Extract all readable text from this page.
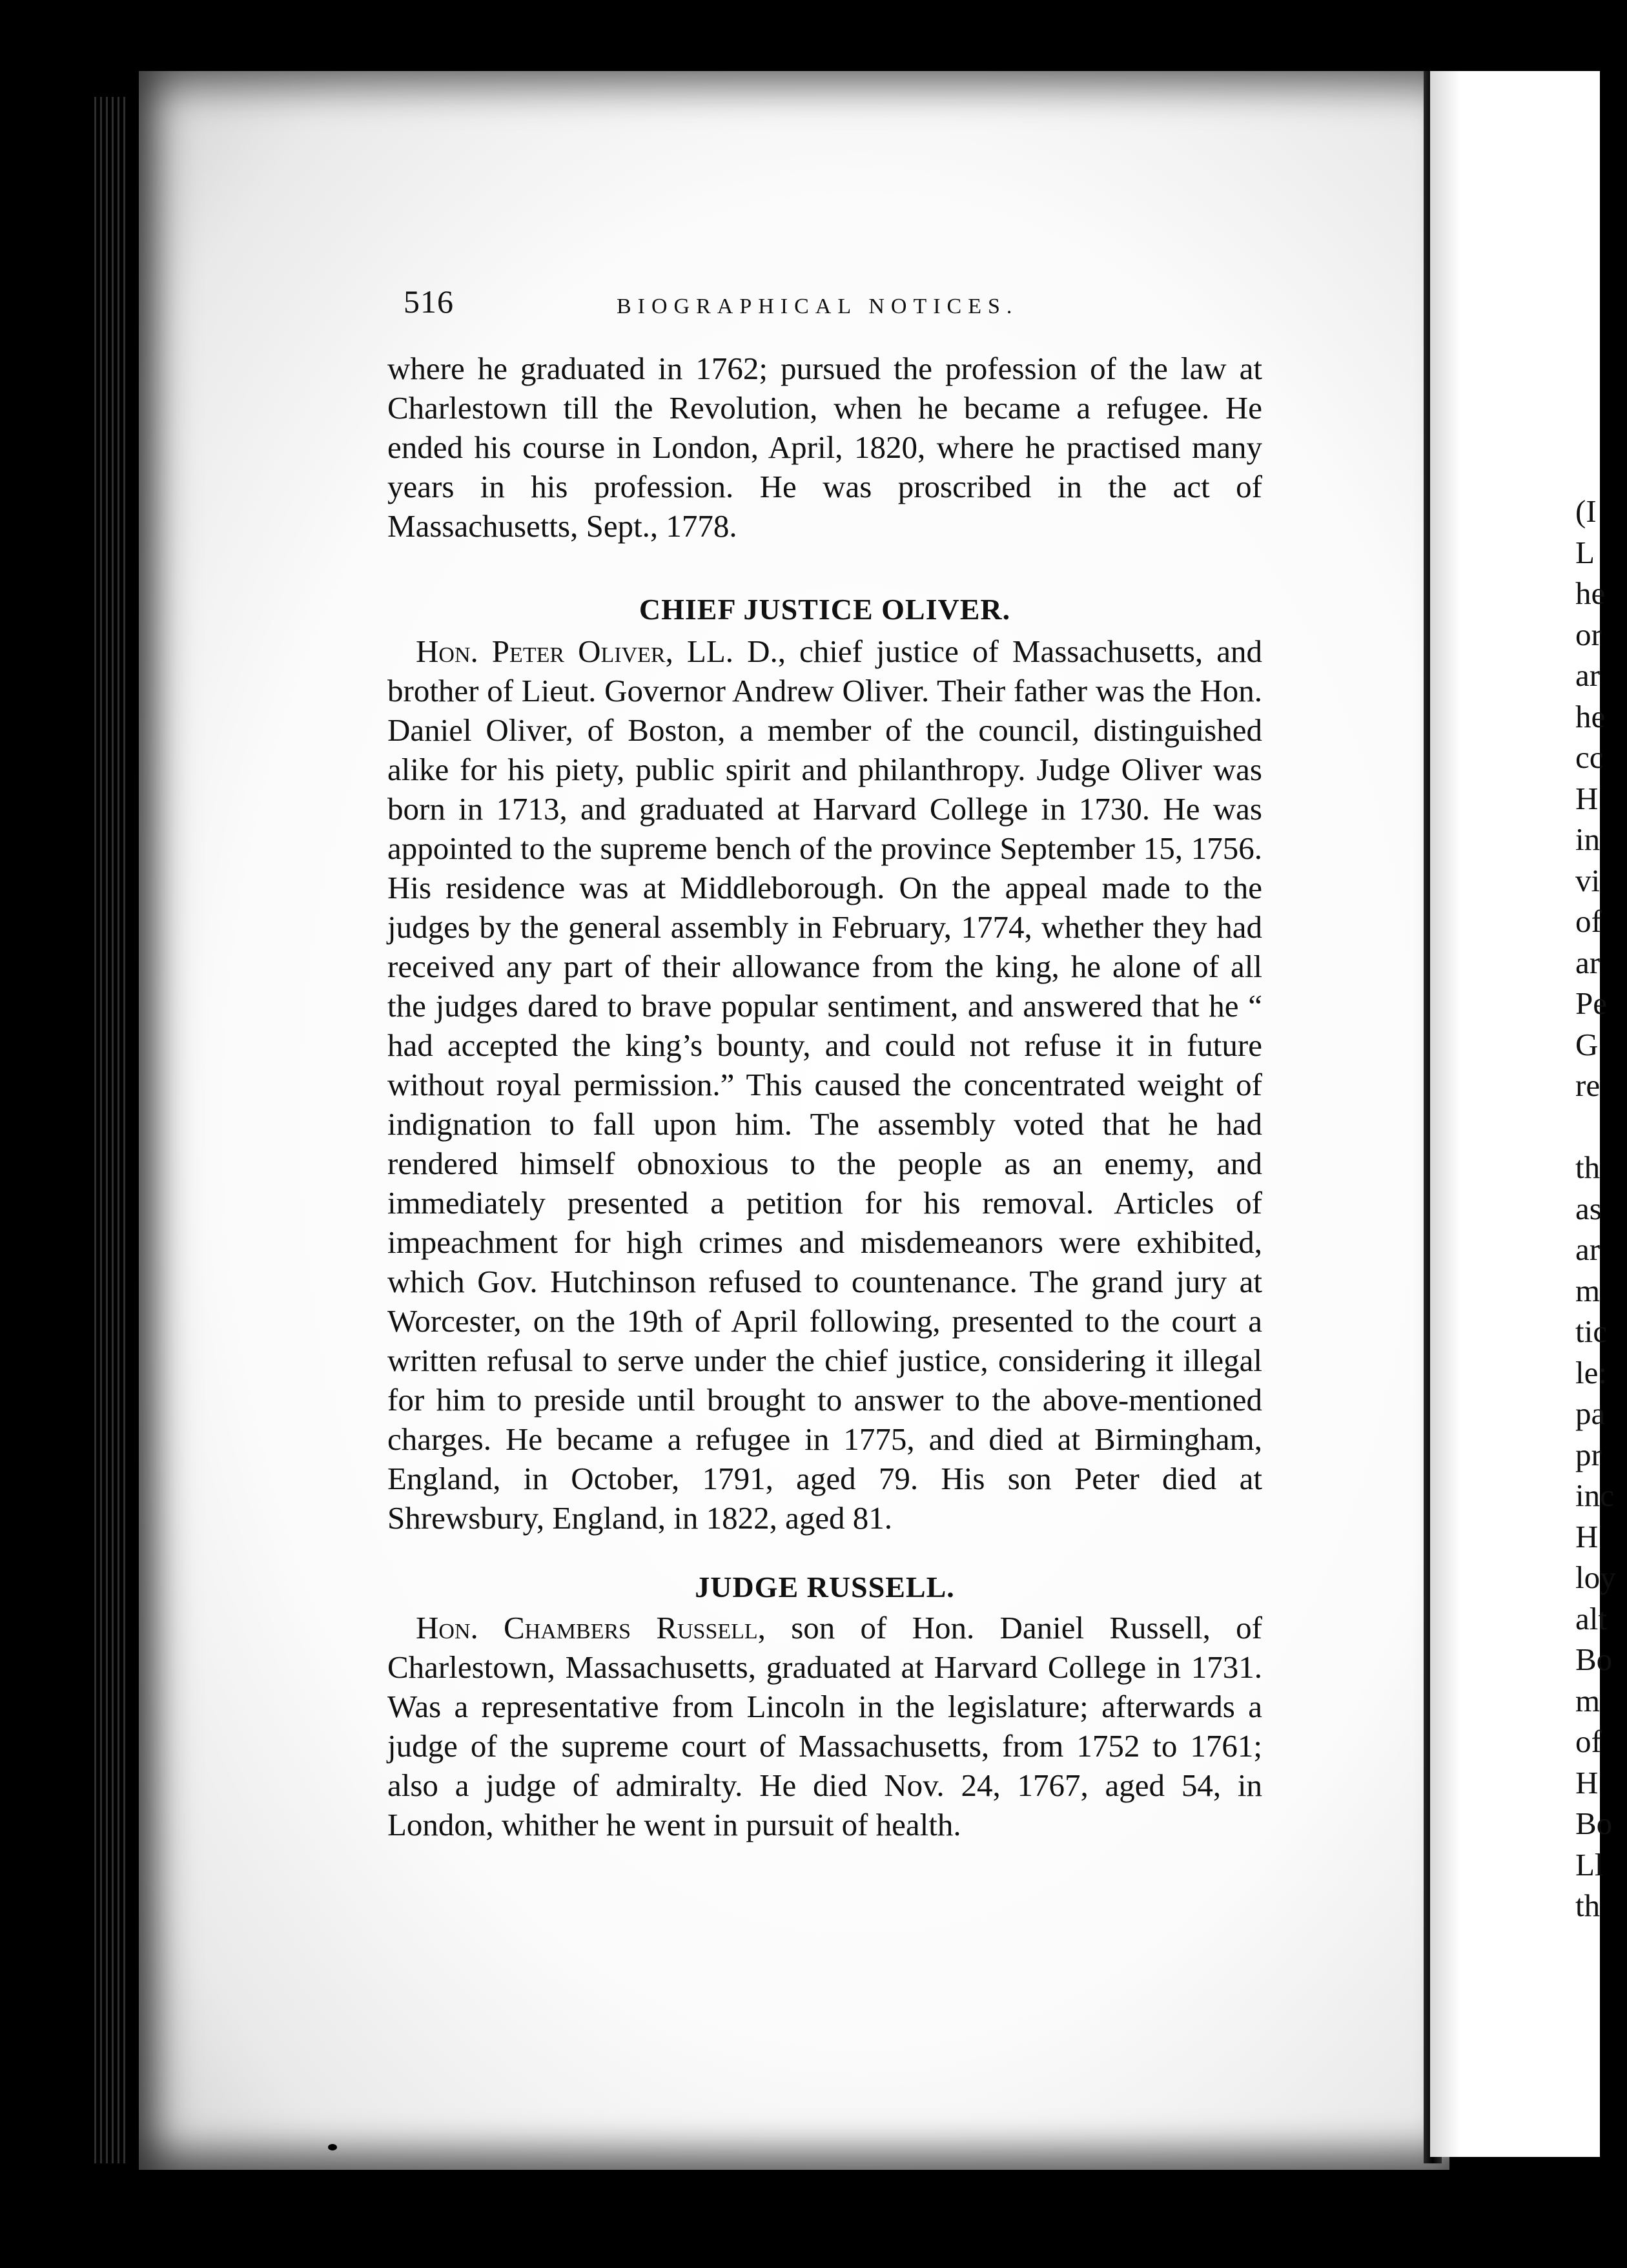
516	BIOGRAPHICAL NOTICES.

where he graduated in 1762; pursued the profession of the law at Charlestown till the Revolution, when he became a refugee. He ended his course in London, April, 1820, where he practised many years in his profession. He was proscribed in the act of Massachusetts, Sept., 1778.

CHIEF JUSTICE OLIVER.

Hon. Peter Oliver, LL. D., chief justice of Massachusetts, and brother of Lieut. Governor Andrew Oliver. Their father was the Hon. Daniel Oliver, of Boston, a member of the council, distinguished alike for his piety, public spirit and philanthropy. Judge Oliver was born in 1713, and graduated at Harvard College in 1730. He was appointed to the supreme bench of the province September 15, 1756. His residence was at Middleborough. On the appeal made to the judges by the general assembly in February, 1774, whether they had received any part of their allowance from the king, he alone of all the judges dared to brave popular sentiment, and answered that he “ had accepted the king’s bounty, and could not refuse it in future without royal permission.” This caused the concentrated weight of indignation to fall upon him. The assembly voted that he had rendered himself obnoxious to the people as an enemy, and immediately presented a petition for his removal. Articles of impeachment for high crimes and misdemeanors were exhibited, which Gov. Hutchinson refused to countenance. The grand jury at Worcester, on the 19th of April following, presented to the court a written refusal to serve under the chief justice, considering it illegal for him to preside until brought to answer to the above-mentioned charges. He became a refugee in 1775, and died at Birmingham, England, in October, 1791, aged 79. His son Peter died at Shrewsbury, England, in 1822, aged 81.

JUDGE RUSSELL.

Hon. Chambers Russell, son of Hon. Daniel Russell, of Charlestown, Massachusetts, graduated at Harvard College in 1731. Was a representative from Lincoln in the legislature; afterwards a judge of the supreme court of Massachusetts, from 1752 to 1761; also a judge of admiralty. He died Nov. 24, 1767, aged 54, in London, whither he went in pursuit of health.

(I
L
he
or
ar
he
cc
H
in
vi
of
ar
Pe
G
re
th
as
ar
m
tic
le:
pa
pr
inc
H
loy
alt
Bo
m
of
H
Bo
Ll
th
